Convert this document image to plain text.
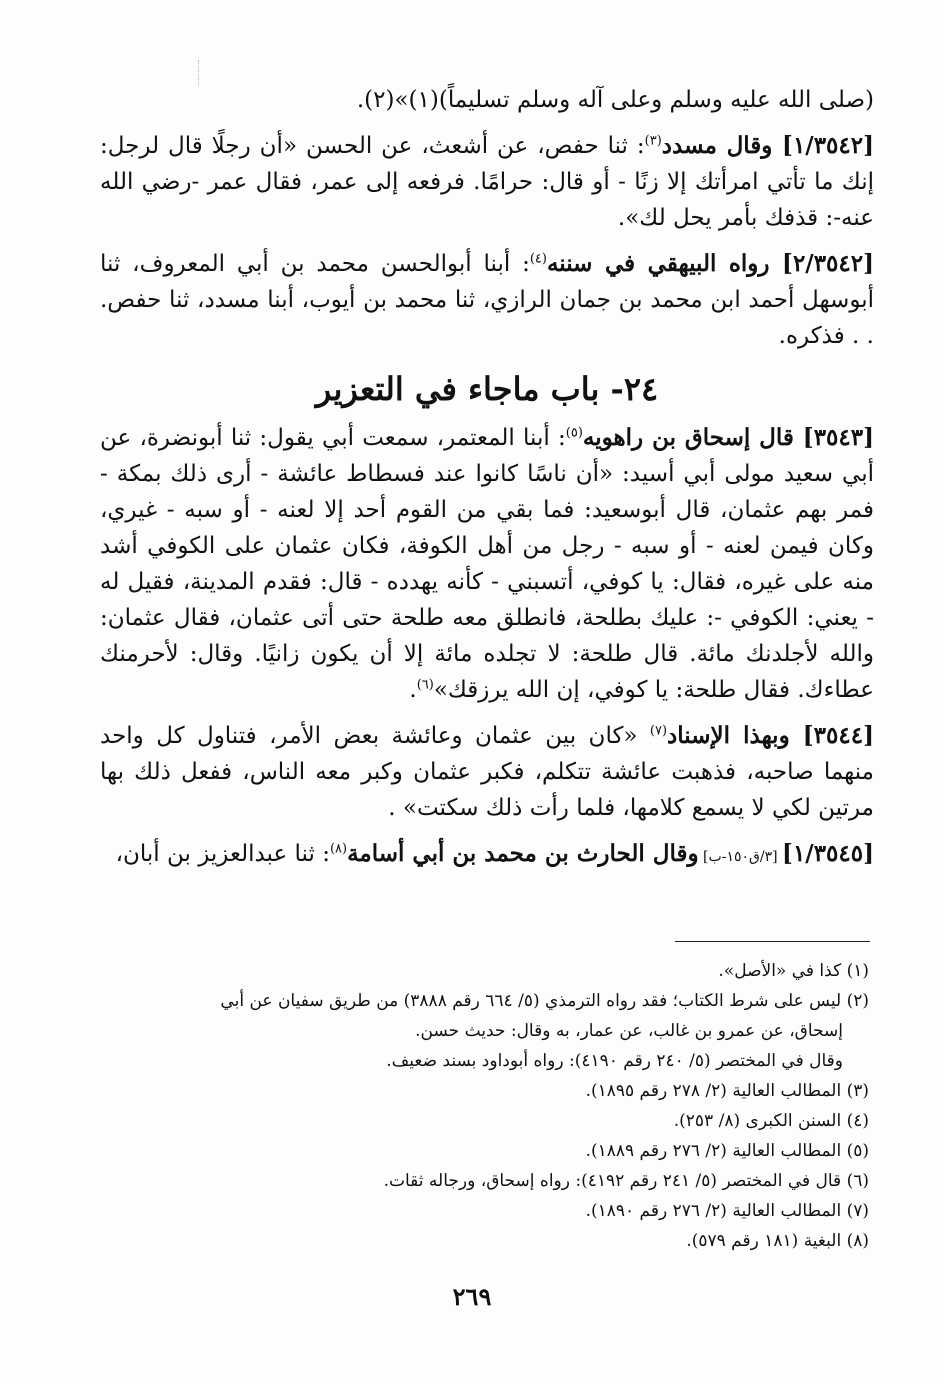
(صلى الله عليه وسلم وعلى آله وسلم تسليماً)(١)»(٢).

[١/٣٥٤٢] وقال مسدد$^{(٣)}$: ثنا حفص، عن أشعث، عن الحسن «أن رجلًا قال لرجل: إنك ما تأتي امرأتك إلا زنًا - أو قال: حرامًا. فرفعه إلى عمر، فقال عمر -رضي الله عنه-: قذفك بأمر يحل لك».

[٢/٣٥٤٢] رواه البيهقي في سننه$^{(٤)}$: أبنا أبوالحسن محمد بن أبي المعروف، ثنا أبوسهل أحمد ابن محمد بن جمان الرازي، ثنا محمد بن أيوب، أبنا مسدد، ثنا حفص. . . فذكره.

٢٤- باب ماجاء في التعزير

[٣٥٤٣] قال إسحاق بن راهويه$^{(٥)}$: أبنا المعتمر، سمعت أبي يقول: ثنا أبونضرة، عن أبي سعيد مولى أبي أسيد: «أن ناسًا كانوا عند فسطاط عائشة - أرى ذلك بمكة - فمر بهم عثمان، قال أبوسعيد: فما بقي من القوم أحد إلا لعنه - أو سبه - غيري، وكان فيمن لعنه - أو سبه - رجل من أهل الكوفة، فكان عثمان على الكوفي أشد منه على غيره، فقال: يا كوفي، أتسبني - كأنه يهدده - قال: فقدم المدينة، فقيل له - يعني: الكوفي -: عليك بطلحة، فانطلق معه طلحة حتى أتى عثمان، فقال عثمان: والله لأجلدنك مائة. قال طلحة: لا تجلده مائة إلا أن يكون زانيًا. وقال: لأحرمنك عطاءك. فقال طلحة: يا كوفي، إن الله يرزقك»$^{(٦)}$.

[٣٥٤٤] وبهذا الإسناد$^{(٧)}$ «كان بين عثمان وعائشة بعض الأمر، فتناول كل واحد منهما صاحبه، فذهبت عائشة تتكلم، فكبر عثمان وكبر معه الناس، ففعل ذلك بها مرتين لكي لا يسمع كلامها، فلما رأت ذلك سكتت» .

[١/٣٥٤٥] [٣/ق١٥٠-ب] وقال الحارث بن محمد بن أبي أسامة$^{(٨)}$: ثنا عبدالعزيز بن أبان،

(١) كذا في «الأصل».

(٢) ليس على شرط الكتاب؛ فقد رواه الترمذي (٥/ ٦٦٤ رقم ٣٨٨٨) من طريق سفيان عن أبي
إسحاق، عن عمرو بن غالب، عن عمار، به وقال: حديث حسن.
وقال في المختصر (٥/ ٢٤٠ رقم ٤١٩٠): رواه أبوداود بسند ضعيف.

(٣) المطالب العالية (٢/ ٢٧٨ رقم ١٨٩٥).

(٤) السنن الكبرى (٨/ ٢٥٣).

(٥) المطالب العالية (٢/ ٢٧٦ رقم ١٨٨٩).

(٦) قال في المختصر (٥/ ٢٤١ رقم ٤١٩٢): رواه إسحاق، ورجاله ثقات.

(٧) المطالب العالية (٢/ ٢٧٦ رقم ١٨٩٠).

(٨) البغية (١٨١ رقم ٥٧٩).

٢٦٩
